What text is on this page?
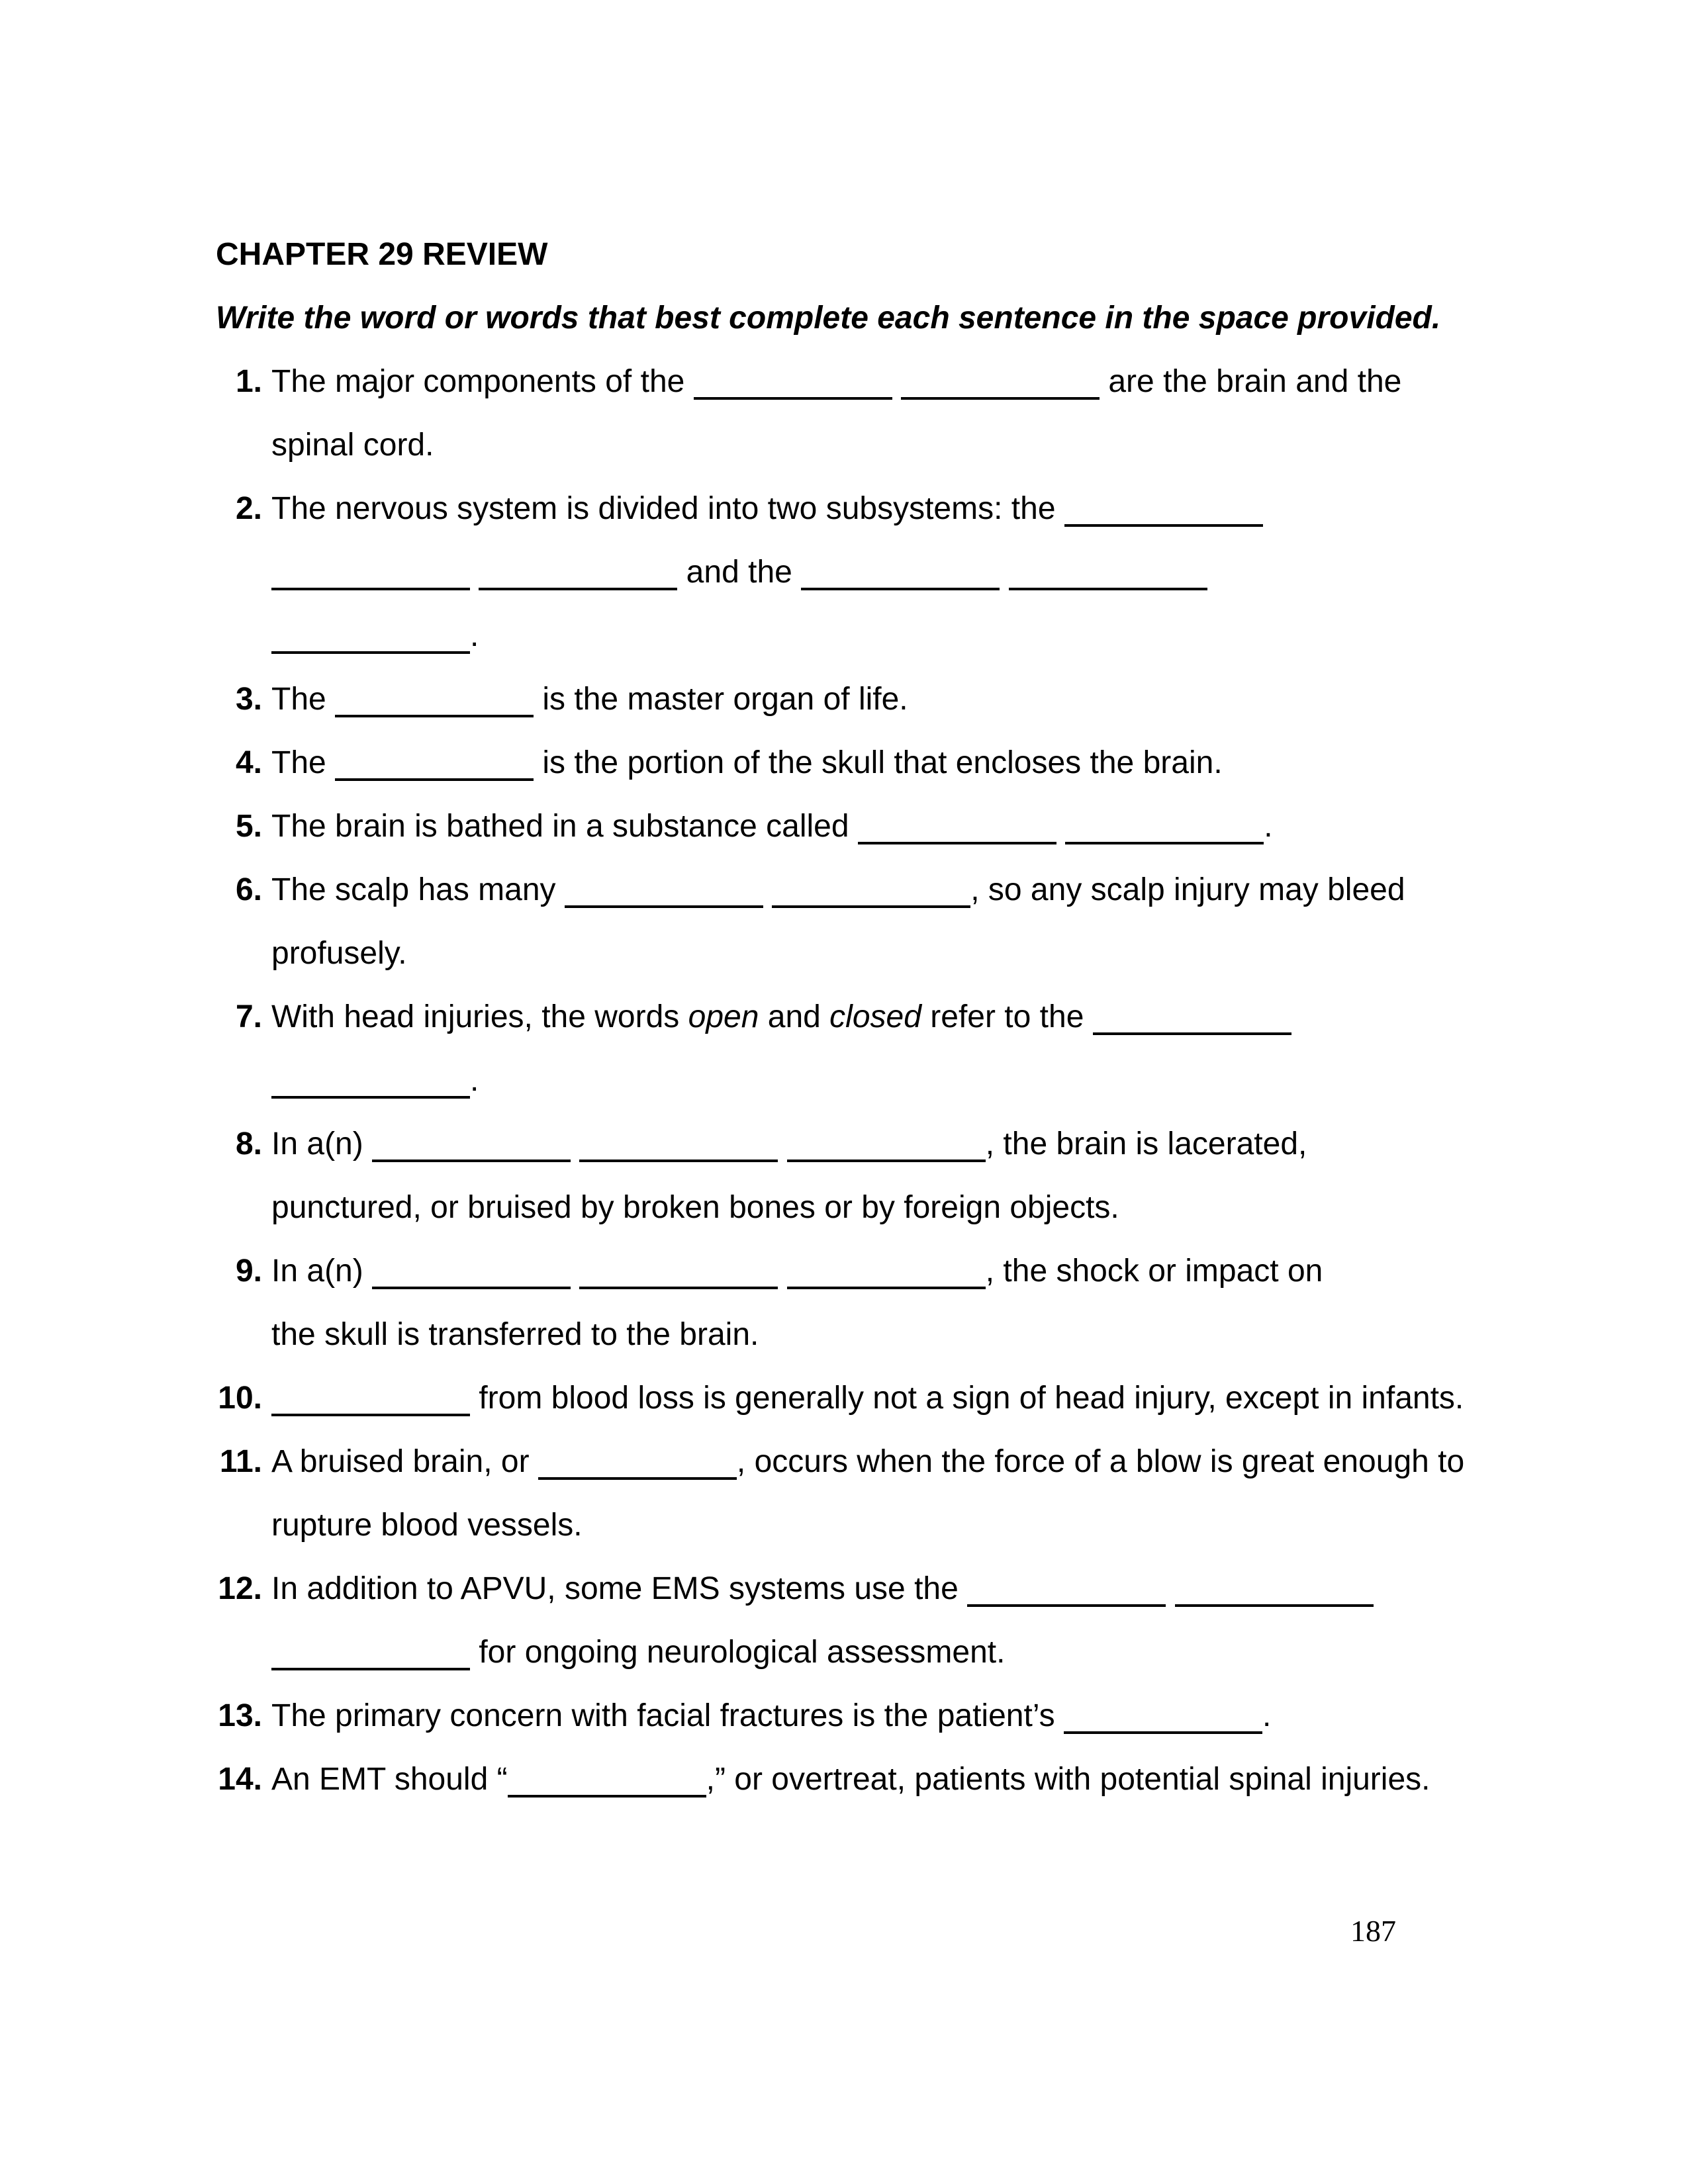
CHAPTER 29 REVIEW

Write the word or words that best complete each sentence in the space provided.

1. The major components of the	are the brain and the
spinal cord.
2. The nervous system is divided into two subsystems: the
and the
.
3. The	is the master organ of life.
4. The	is the portion of the skull that encloses the brain.
5. The brain is bathed in a substance called	.
6. The scalp has many	, so any scalp injury may bleed
profusely.
7. With head injuries, the words open and closed refer to the
.
8. In a(n)	, the brain is lacerated,
punctured, or bruised by broken bones or by foreign objects.
9. In a(n)	, the shock or impact on
the skull is transferred to the brain.
10.	from blood loss is generally not a sign of head injury, except in infants.
11. A bruised brain, or	, occurs when the force of a blow is great enough to
rupture blood vessels.
12. In addition to APVU, some EMS systems use the
for ongoing neurological assessment.
13. The primary concern with facial fractures is the patient’s	.
14. An EMT should “	,” or overtreat, patients with potential spinal injuries.
187
